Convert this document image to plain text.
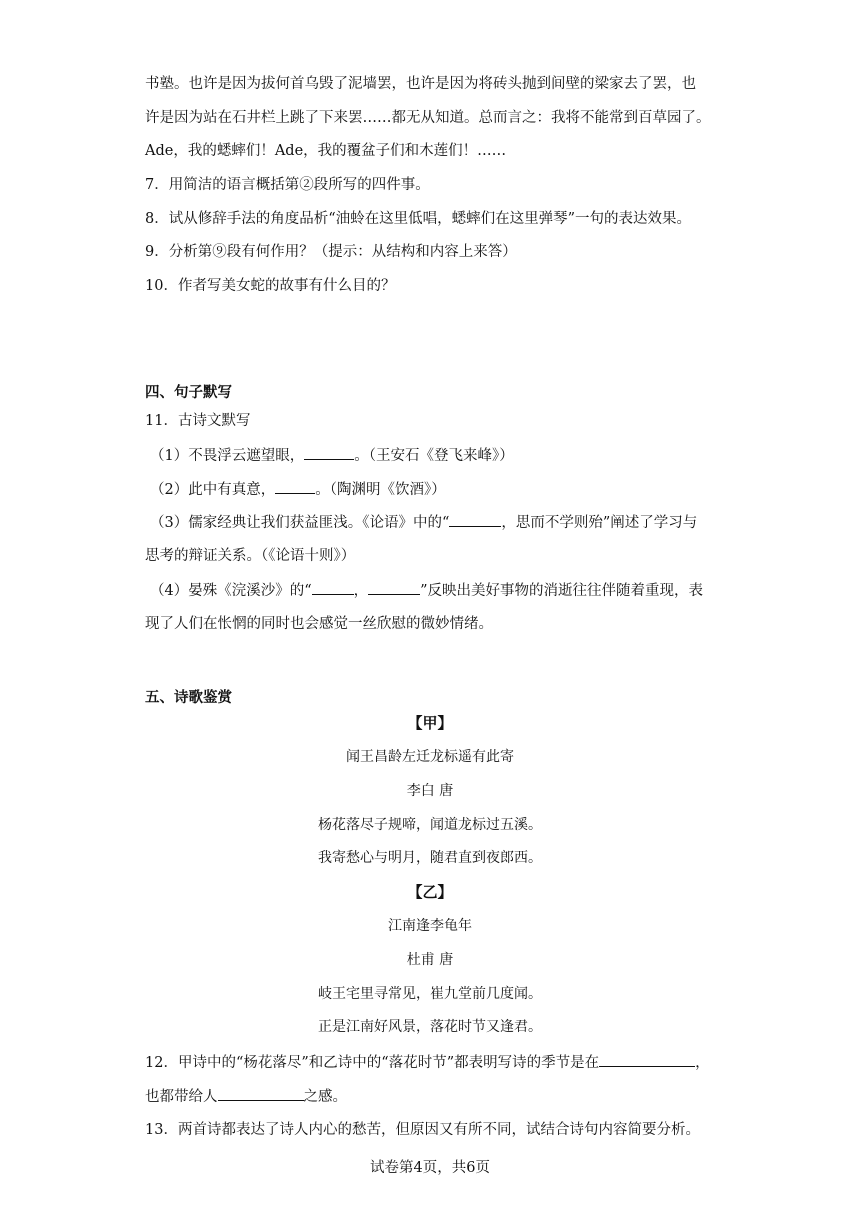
书塾。也许是因为拔何首乌毁了泥墙罢，也许是因为将砖头抛到间壁的梁家去了罢，也
许是因为站在石井栏上跳了下来罢……都无从知道。总而言之：我将不能常到百草园了。
Ade，我的蟋蟀们！Ade，我的覆盆子们和木莲们！……
7．用简洁的语言概括第②段所写的四件事。
8．试从修辞手法的角度品析“油蛉在这里低唱，蟋蟀们在这里弹琴”一句的表达效果。
9．分析第⑨段有何作用？（提示：从结构和内容上来答）
10．作者写美女蛇的故事有什么目的？
四、句子默写
11．古诗文默写
（1）不畏浮云遮望眼，	。（王安石《登飞来峰》）
（2）此中有真意，	。（陶渊明《饮酒》）
（3）儒家经典让我们获益匪浅。《论语》中的“	，思而不学则殆”阐述了学习与
思考的辩证关系。（《论语十则》）
（4）晏殊《浣溪沙》的“	，	”反映出美好事物的消逝往往伴随着重现，表
现了人们在怅惘的同时也会感觉一丝欣慰的微妙情绪。
五、诗歌鉴赏
【甲】
闻王昌龄左迁龙标遥有此寄
李白 唐
杨花落尽子规啼，闻道龙标过五溪。
我寄愁心与明月，随君直到夜郎西。
【乙】
江南逢李龟年
杜甫 唐
岐王宅里寻常见，崔九堂前几度闻。
正是江南好风景，落花时节又逢君。
12．甲诗中的“杨花落尽”和乙诗中的“落花时节”都表明写诗的季节是在	，
也都带给人	之感。
13．两首诗都表达了诗人内心的愁苦，但原因又有所不同，试结合诗句内容简要分析。
试卷第4页，共6页
